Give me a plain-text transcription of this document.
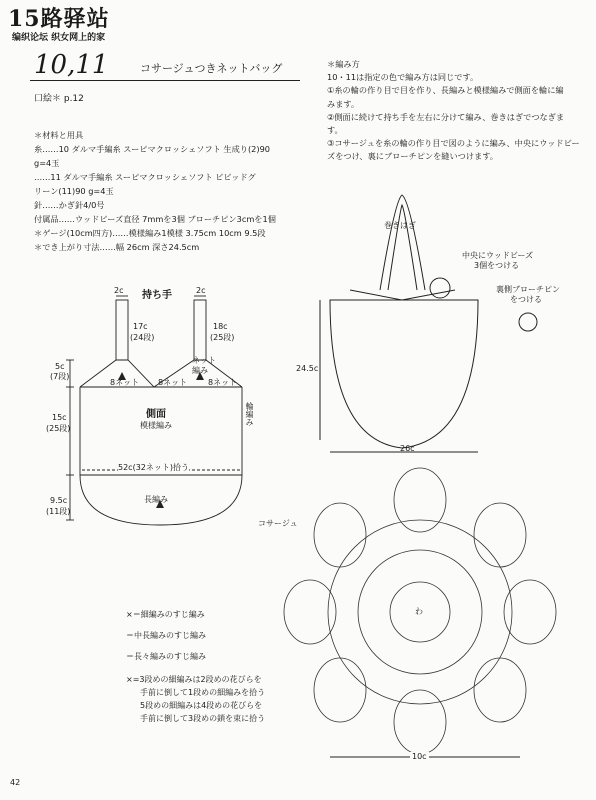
15路驿站
编织论坛 织女网上的家
10,11	コサージュつきネットバッグ
口絵＊ p.12
＊材料と用具
糸……10 ダルマ手編糸 スーピマクロッシェソフト 生成り(2)90
g=4玉
……11 ダルマ手編糸 スーピマクロッシェソフト ビビッドグ
リーン(11)90 g=4玉
針……かぎ針4/0号
付属品……ウッドビーズ直径 7mmを3個 ブローチピン3cmを1個
＊ゲージ(10cm四方)……模様編み1模様 3.75cm 10cm 9.5段
＊でき上がり寸法……幅 26cm 深さ24.5cm
＊編み方
10・11は指定の色で編み方は同じです。
①糸の輪の作り目で目を作り、長編みと模様編みで側面を輪に編
みます。
②側面に続けて持ち手を左右に分けて編み、巻きはぎでつなぎま
す。
③コサージュを糸の輪の作り目で図のように編み、中央にウッドビー
ズをつけ、裏にブローチピンを縫いつけます。
持ち手
2c	2c
17c
(24段)
18c
(25段)
8ネット 8ネット	8ネット
ネット
編み
5c
(7段)
15c
(25段)
9.5c
(11段)
側面
模様編み	輪編み
52c(32ネット)拾う
長編み
巻きはぎ
中央にウッドビーズ
3個をつける
裏側ブローチピン
をつける
24.5c
26c
コサージュ
わ
10c
×＝細編みのすじ編み
＝中長編みのすじ編み
＝長々編みのすじ編み
×=3段めの細編みは2段めの花びらを
手前に倒して1段めの細編みを拾う
5段めの細編みは4段めの花びらを
手前に倒して3段めの鎖を束に拾う
42
